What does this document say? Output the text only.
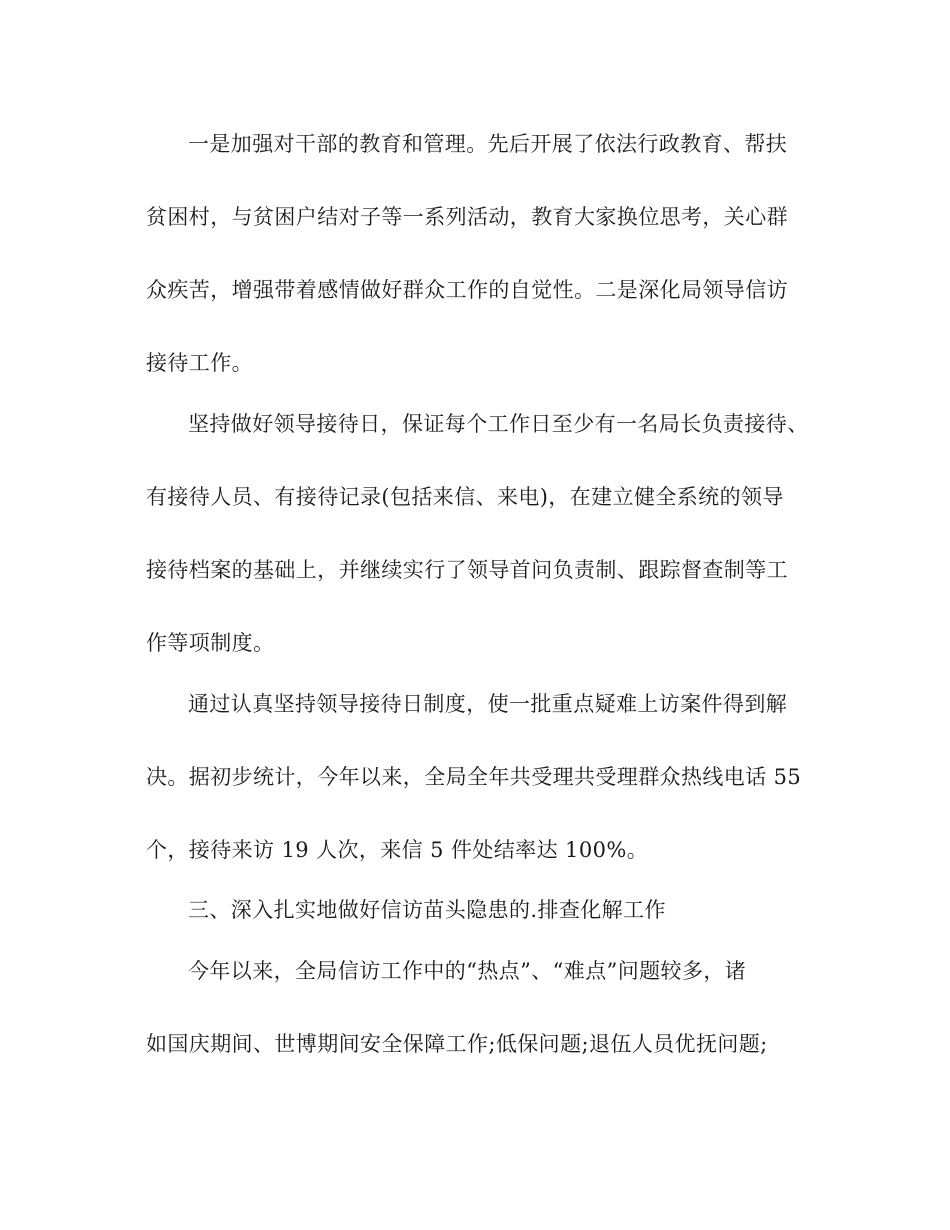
一是加强对干部的教育和管理。先后开展了依法行政教育、帮扶

贫困村，与贫困户结对子等一系列活动，教育大家换位思考，关心群

众疾苦，增强带着感情做好群众工作的自觉性。二是深化局领导信访

接待工作。

坚持做好领导接待日，保证每个工作日至少有一名局长负责接待、

有接待人员、有接待记录(包括来信、来电)，在建立健全系统的领导

接待档案的基础上，并继续实行了领导首问负责制、跟踪督查制等工

作等项制度。

通过认真坚持领导接待日制度，使一批重点疑难上访案件得到解

决。据初步统计，今年以来，全局全年共受理共受理群众热线电话 55

个，接待来访 19 人次，来信 5 件处结率达 100%。

三、深入扎实地做好信访苗头隐患的.排查化解工作

今年以来，全局信访工作中的“热点”、“难点”问题较多，诸

如国庆期间、世博期间安全保障工作;低保问题;退伍人员优抚问题;
